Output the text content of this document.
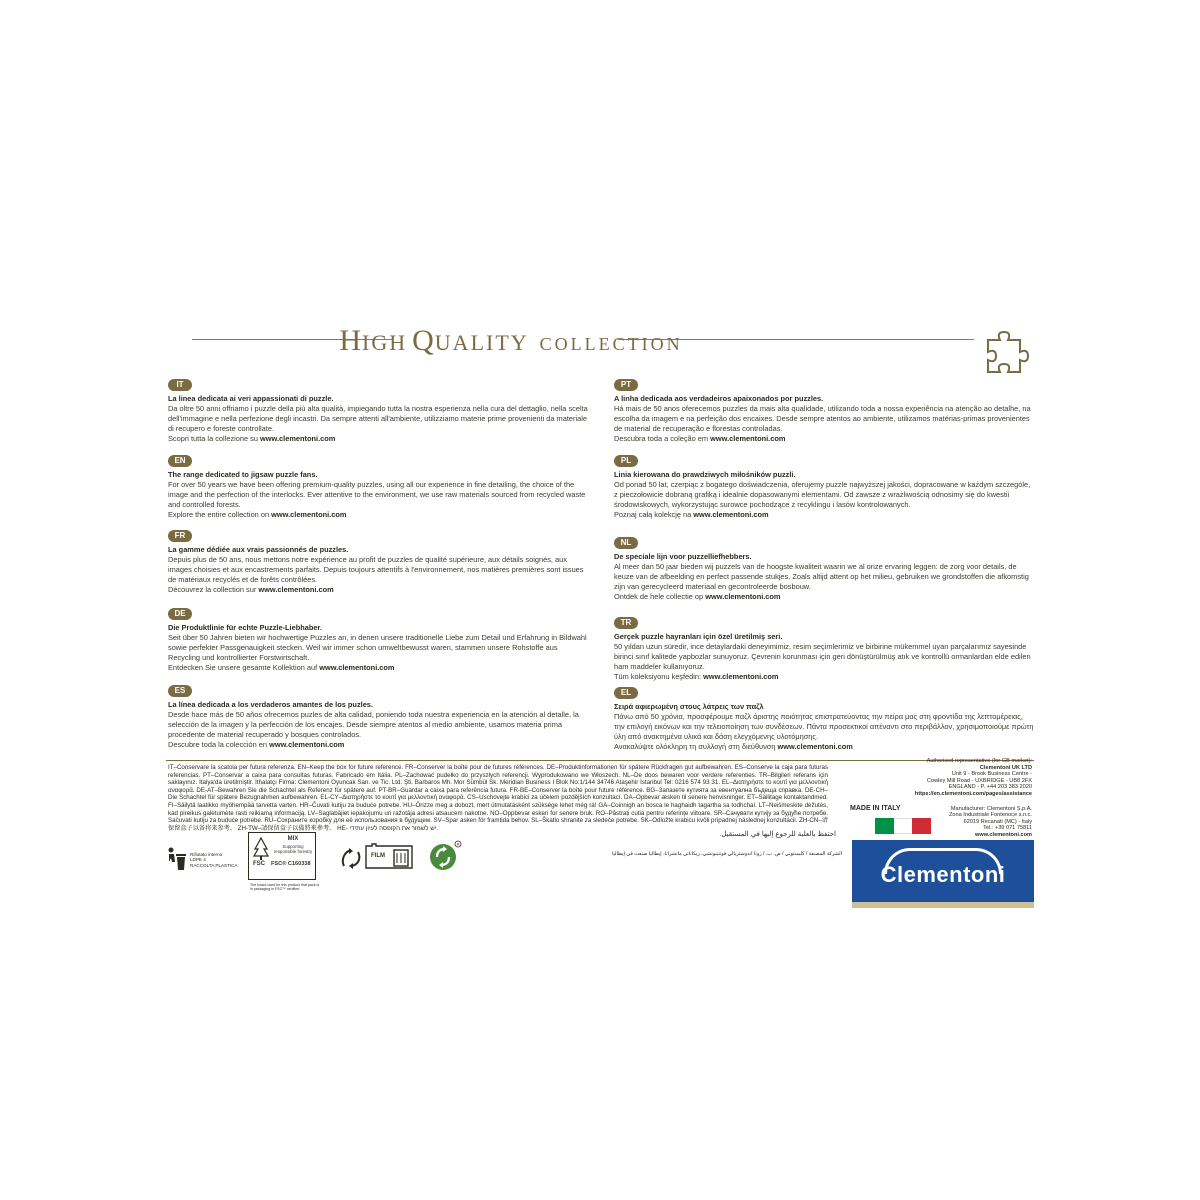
HIGH QUALITY COLLECTION
IT
La linea dedicata ai veri appassionati di puzzle.
Da oltre 50 anni offriamo i puzzle della più alta qualità, impiegando tutta la nostra esperienza nella cura del dettaglio, nella scelta dell'immagine e nella perfezione degli incastri. Da sempre attenti all'ambiente, utilizziamo materie prime provenienti da materiale di recupero e foreste controllate.
Scopri tutta la collezione su www.clementoni.com
EN
The range dedicated to jigsaw puzzle fans.
For over 50 years we have been offering premium-quality puzzles, using all our experience in fine detailing, the choice of the image and the perfection of the interlocks. Ever attentive to the environment, we use raw materials sourced from recycled waste and controlled forests.
Explore the entire collection on www.clementoni.com
FR
La gamme dédiée aux vrais passionnés de puzzles.
Depuis plus de 50 ans, nous mettons notre expérience au profit de puzzles de qualité supérieure, aux détails soignés, aux images choisies et aux encastrements parfaits. Depuis toujours attentifs à l'environnement, nos matières premières sont issues de matériaux recyclés et de forêts contrôlées.
Découvrez la collection sur www.clementoni.com
DE
Die Produktlinie für echte Puzzle-Liebhaber.
Seit über 50 Jahren bieten wir hochwertige Puzzles an, in denen unsere traditionelle Liebe zum Detail und Erfahrung in Bildwahl sowie perfekter Passgenauigkeit stecken. Weil wir immer schon umweltbewusst waren, stammen unsere Rohstoffe aus Recycling und kontrollierter Forstwirtschaft.
Entdecken Sie unsere gesamte Kollektion auf www.clementoni.com
ES
La línea dedicada a los verdaderos amantes de los puzles.
Desde hace más de 50 años ofrecemos puzles de alta calidad, poniendo toda nuestra experiencia en la atención al detalle, la selección de la imagen y la perfección de los encajes. Desde siempre atentos al medio ambiente, usamos materia prima procedente de material recuperado y bosques controlados.
Descubre toda la colección en www.clementoni.com
PT
A linha dedicada aos verdadeiros apaixonados por puzzles.
Há mais de 50 anos oferecemos puzzles da mais alta qualidade, utilizando toda a nossa experiência na atenção ao detalhe, na escolha da imagem e na perfeição dos encaixes. Desde sempre atentos ao ambiente, utilizamos matérias-primas provenientes de material de recuperação e florestas controladas.
Descubra toda a coleção em www.clementoni.com
PL
Linia kierowana do prawdziwych miłośników puzzli.
Od ponad 50 lat, czerpiąc z bogatego doświadczenia, oferujemy puzzle najwyższej jakości, dopracowane w każdym szczególe, z pieczołowicie dobraną grafiką i idealnie dopasowanymi elementami. Od zawsze z wrażliwością odnosimy się do kwestii środowiskowych, wykorzystując surowce pochodzące z recyklingu i lasów kontrolowanych.
Poznaj całą kolekcję na www.clementoni.com
NL
De speciale lijn voor puzzelliefhebbers.
Al meer dan 50 jaar bieden wij puzzels van de hoogste kwaliteit waarin we al onze ervaring leggen: de zorg voor details, de keuze van de afbeelding en perfect passende stukjes. Zoals altijd attent op het milieu, gebruiken we grondstoffen die afkomstig zijn van gerecycleerd materiaal en gecontroleerde bosbouw.
Ontdek de hele collectie op www.clementoni.com
TR
Gerçek puzzle hayranları için özel üretilmiş seri.
50 yıldan uzun süredir, ince detaylardaki deneyimimiz, resim seçimlerimiz ve birbirine mükemmel uyan parçalarımız sayesinde birinci sınıf kalitede yapbozlar sunuyoruz. Çevrenin korunması için geri dönüştürülmüş atık ve kontrollü ormanlardan elde edilen ham maddeler kullanıyoruz.
Tüm koleksiyonu keşfedin: www.clementoni.com
EL
Σειρά αφιερωμένη στους λάτρεις των παζλ
Πάνω από 50 χρόνια, προσφέρουμε παζλ άριστης ποιότητας επιστρατεύοντας την πείρα μας στη φροντίδα της λεπτομέρειας, την επιλογή εικόνων και την τελειοποίηση των συνδέσεων. Πάντα προσεκτικοί απέναντι στο περιβάλλον, χρησιμοποιούμε πρώτη ύλη από ανακτημένα υλικά και δάση ελεγχόμενης υλοτόμησης.
Ανακαλύψτε ολόκληρη τη συλλογή στη διεύθυνση www.clementoni.com
IT–Conservare la scatola per futura referenza. EN–Keep the box for future reference. FR–Conserver la boîte pour de futures références. DE–Produktinformationen für spätere Rückfragen gut aufbewahren. ES–Conserve la caja para futuras referencias. PT–Conservar a caixa para consultas futuras. Fabricado em Itália. PL–Zachować pudełko do przyszłych referencji. Wyprodukowano we Włoszech. NL–De doos bewaren voor verdere referenties. TR–Bilgileri referans için saklayınız. İtalya'da üretilmiştir. İthalatçı Firma: Clementoni Oyuncak San. ve Tic. Ltd. Şti. Barbaros Mh. Mor Sümbül Sk. Meridian Business I Blok No:1/144 34746 Ataşehir İstanbul Tel: 0216 574 93 31. EL–Διατηρήστε το κουτί για μελλοντική αναφορά. DE-AT–Bewahren Sie die Schachtel als Referenz für spätere auf. PT-BR–Guardar a caixa para referência futura. FR-BE–Conserver la boîte pour future référence. BG–Запазете кутията за евентуална бъдеща справка. DE-CH–Die Schachtel für spätere Bezugnahmen aufbewahren. EL-CY–Διατηρήστε το κουτί για μελλοντική αναφορά. CS–Uschovejte krabici za účelem pozdějších konzultací. DA–Opbevar æsken til senere henvisninger. ET–Säilitage kontaktandmed. FI–Säilytä laatikko myöhempää tarvetta varten. HR–Čuvati kutiju za buduće potrebe. HU–Őrizze meg a dobozt, mert útmutatásként szüksége lehet még rá! GA–Coinnigh an bosca le haghaidh tagartha sa todhchaí. LT–Neišmeskite dėžutės, kad pireikus galėtumėte rasti reikiamą informaciją. LV–Saglabājiet iepakojumu un ražotāja adresi atsaucem nakotne. NO–Oppbevar esken for senere bruk. RO–Păstrați cutia pentru referințe viitoare. SR–Сачувати кутију за будуће потребе. Sačuvati kutiju za buduće potrebe. RU–Сохраните коробку для её использования в будущем. SV–Spar asken för framtida behov. SL–Škatlo shranite za sledeče potrebe. SK–Odložte krabicu kvôli prípadnej následnej konzultácii. ZH-CN–请保留盒子以备将来参考。 ZH-TW–請保留盒子以備將來參考。 HE- יש לשמור את הקופסה לעיון עתידי.
احتفظ بالعلبة للرجوع إليها في المستقبل.
الشركة المصنعة / كليمنتوني / ص. ب. / زونا اندوستريالي فونتينوتشي، ريكاناتي ماتشراتا، إيطاليا صنعت في إيطاليا
MADE IN ITALY
Authorised representative (for GB market):
Clementoni UK LTD
Unit 9 - Brook Business Centre -
Cowley Mill Road - UXBRIDGE - UB8 2FX
ENGLAND - P. +44 203 383 2020
https://en.clementoni.com/pages/assistance
Manufacturer: Clementoni S.p.A.
Zona Industriale Fontenoce s.n.c.
62019 Recanati (MC) - Italy
Tel.: +39 071 75811
www.clementoni.com
Clementoni
Rifiutato interno
LDPE 4
RACCOLTA PLASTICA
MIX
Supporting
responsible forestry
FSC FSC® C160338
The board used for this product that pack is in packaging in FSC™ certified
FILM
R
